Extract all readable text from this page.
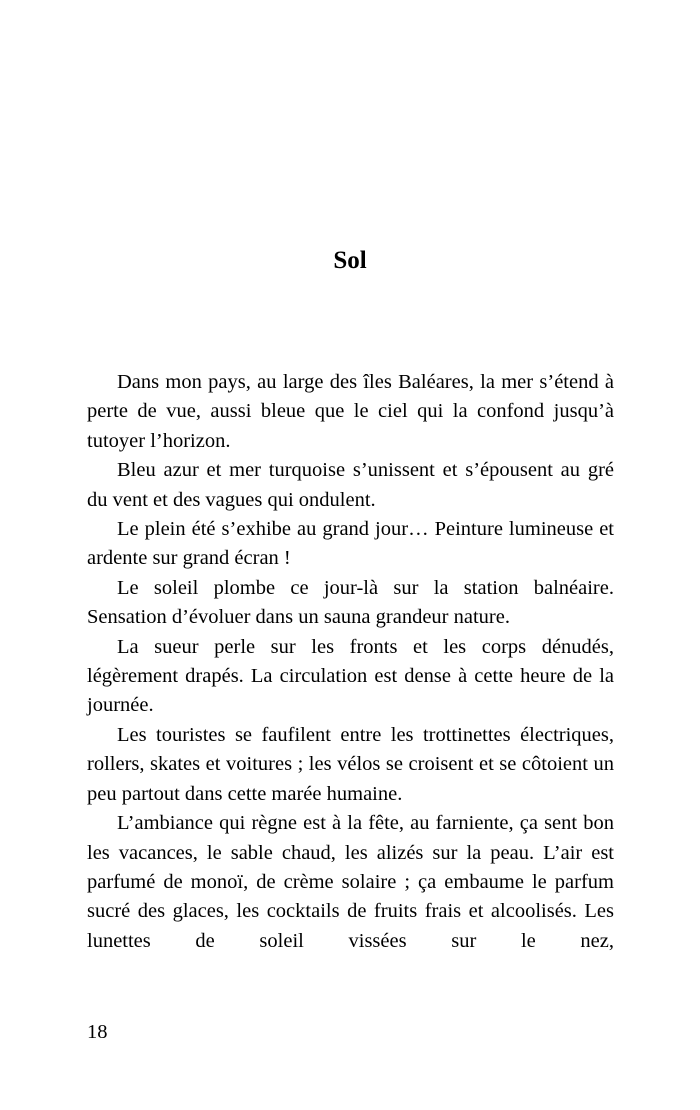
Sol

Dans mon pays, au large des îles Baléares, la mer s’étend à perte de vue, aussi bleue que le ciel qui la confond jusqu’à tutoyer l’horizon.

Bleu azur et mer turquoise s’unissent et s’épousent au gré du vent et des vagues qui ondulent.

Le plein été s’exhibe au grand jour… Peinture lumineuse et ardente sur grand écran !

Le soleil plombe ce jour-là sur la station balnéaire. Sensation d’évoluer dans un sauna grandeur nature.

La sueur perle sur les fronts et les corps dénudés, légèrement drapés. La circulation est dense à cette heure de la journée.

Les touristes se faufilent entre les trottinettes électriques, rollers, skates et voitures ; les vélos se croisent et se côtoient un peu partout dans cette marée humaine.

L’ambiance qui règne est à la fête, au farniente, ça sent bon les vacances, le sable chaud, les alizés sur la peau. L’air est parfumé de monoï, de crème solaire ; ça embaume le parfum sucré des glaces, les cocktails de fruits frais et alcoolisés. Les lunettes de soleil vissées sur le nez,

18
